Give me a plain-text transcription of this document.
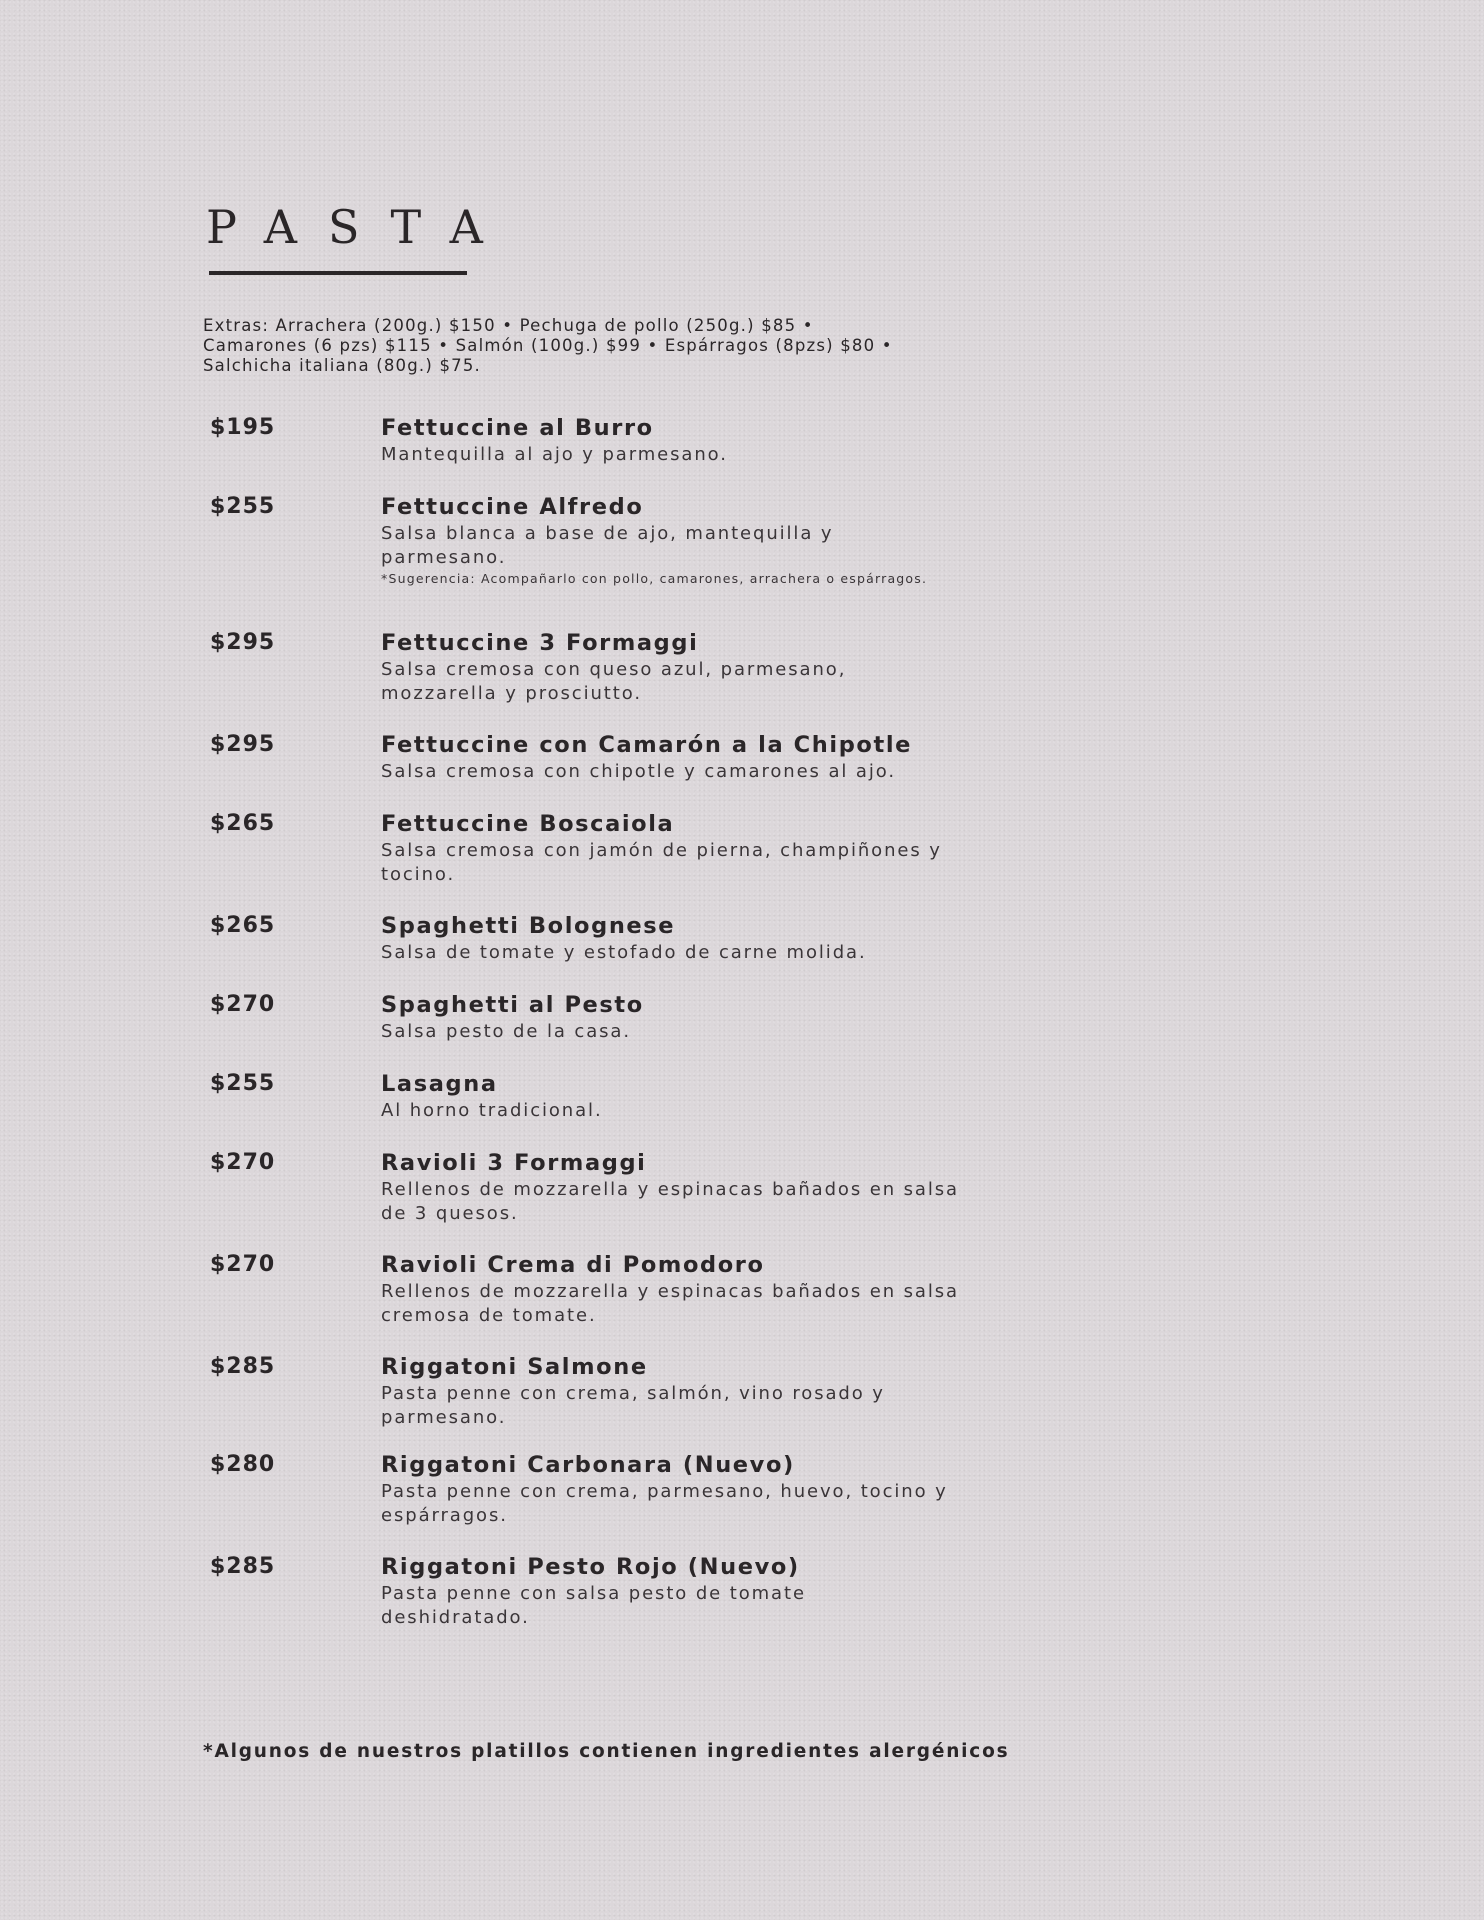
PASTA

Extras: Arrachera (200g.) $150 • Pechuga de pollo (250g.) $85 • Camarones (6 pzs) $115 • Salmón (100g.) $99 • Espárragos (8pzs) $80 • Salchicha italiana (80g.) $75.

$195	Fettuccine al Burro
Mantequilla al ajo y parmesano.
$255	Fettuccine Alfredo
Salsa blanca a base de ajo, mantequilla y parmesano.
*Sugerencia: Acompañarlo con pollo, camarones, arrachera o espárragos.
$295	Fettuccine 3 Formaggi
Salsa cremosa con queso azul, parmesano, mozzarella y prosciutto.
$295	Fettuccine con Camarón a la Chipotle
Salsa cremosa con chipotle y camarones al ajo.
$265	Fettuccine Boscaiola
Salsa cremosa con jamón de pierna, champiñones y tocino.
$265	Spaghetti Bolognese
Salsa de tomate y estofado de carne molida.
$270	Spaghetti al Pesto
Salsa pesto de la casa.
$255	Lasagna
Al horno tradicional.
$270	Ravioli 3 Formaggi
Rellenos de mozzarella y espinacas bañados en salsa de 3 quesos.
$270	Ravioli Crema di Pomodoro
Rellenos de mozzarella y espinacas bañados en salsa cremosa de tomate.
$285	Riggatoni Salmone
Pasta penne con crema, salmón, vino rosado y parmesano.
$280	Riggatoni Carbonara (Nuevo)
Pasta penne con crema, parmesano, huevo, tocino y espárragos.
$285	Riggatoni Pesto Rojo (Nuevo)
Pasta penne con salsa pesto de tomate deshidratado.

*Algunos de nuestros platillos contienen ingredientes alergénicos
